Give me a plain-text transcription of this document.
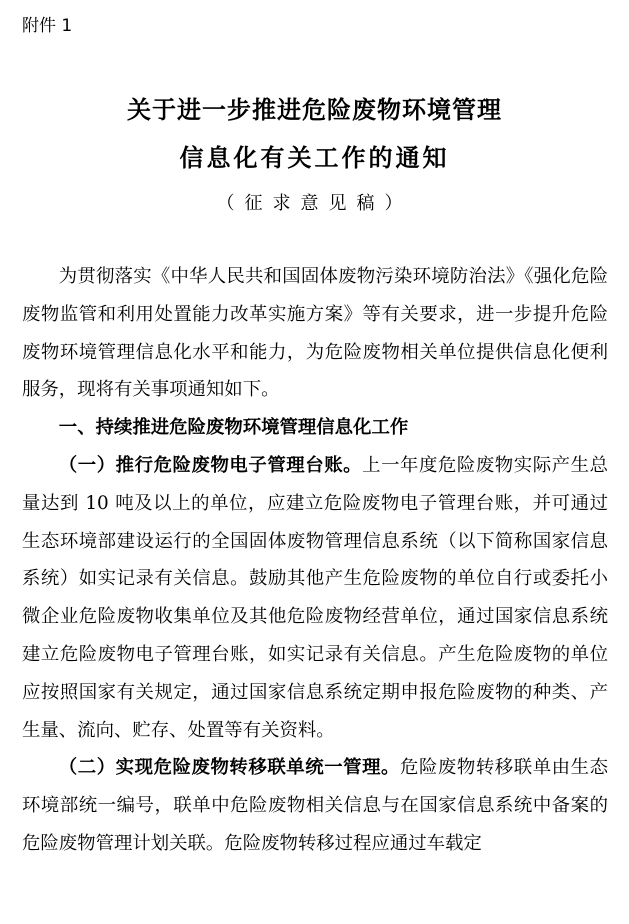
附件 1
关于进一步推进危险废物环境管理
信息化有关工作的通知
（征求意见稿）

为贯彻落实《中华人民共和国固体废物污染环境防治法》《强化危险废物监管和利用处置能力改革实施方案》等有关要求，进一步提升危险废物环境管理信息化水平和能力，为危险废物相关单位提供信息化便利服务，现将有关事项通知如下。

一、持续推进危险废物环境管理信息化工作

（一）推行危险废物电子管理台账。上一年度危险废物实际产生总量达到 10 吨及以上的单位，应建立危险废物电子管理台账，并可通过生态环境部建设运行的全国固体废物管理信息系统（以下简称国家信息系统）如实记录有关信息。鼓励其他产生危险废物的单位自行或委托小微企业危险废物收集单位及其他危险废物经营单位，通过国家信息系统建立危险废物电子管理台账，如实记录有关信息。产生危险废物的单位应按照国家有关规定，通过国家信息系统定期申报危险废物的种类、产生量、流向、贮存、处置等有关资料。

（二）实现危险废物转移联单统一管理。危险废物转移联单由生态环境部统一编号，联单中危险废物相关信息与在国家信息系统中备案的危险废物管理计划关联。危险废物转移过程应通过车载定
